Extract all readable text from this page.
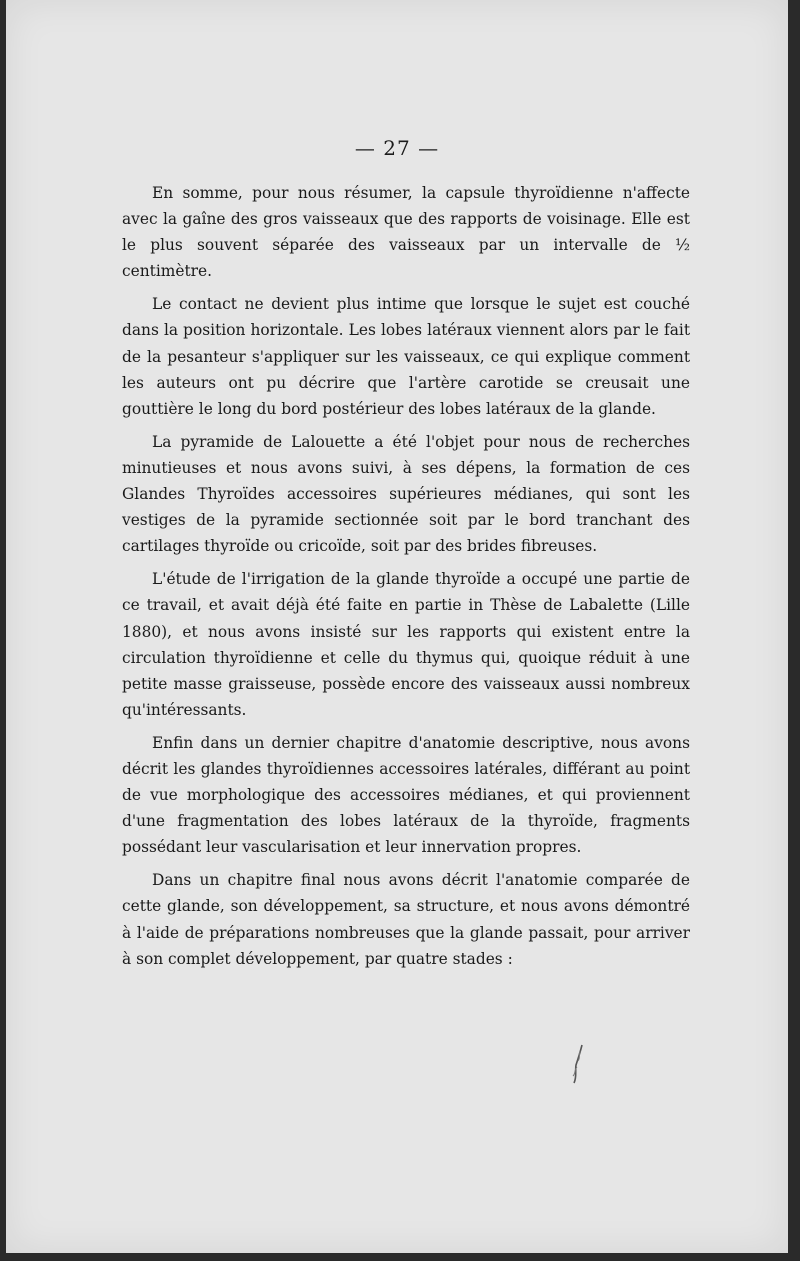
— 27 —

En somme, pour nous résumer, la capsule thyroïdienne n'affecte avec la gaîne des gros vaisseaux que des rapports de voisinage. Elle est le plus souvent séparée des vaisseaux par un intervalle de ½ centimètre.

Le contact ne devient plus intime que lorsque le sujet est couché dans la position horizontale. Les lobes latéraux viennent alors par le fait de la pesanteur s'appliquer sur les vaisseaux, ce qui explique comment les auteurs ont pu décrire que l'artère carotide se creusait une gouttière le long du bord postérieur des lobes latéraux de la glande.

La pyramide de Lalouette a été l'objet pour nous de recherches minutieuses et nous avons suivi, à ses dépens, la formation de ces Glandes Thyroïdes accessoires supérieures médianes, qui sont les vestiges de la pyramide sectionnée soit par le bord tranchant des cartilages thyroïde ou cricoïde, soit par des brides fibreuses.

L'étude de l'irrigation de la glande thyroïde a occupé une partie de ce travail, et avait déjà été faite en partie in Thèse de Labalette (Lille 1880), et nous avons insisté sur les rapports qui existent entre la circulation thyroïdienne et celle du thymus qui, quoique réduit à une petite masse graisseuse, possède encore des vaisseaux aussi nombreux qu'intéressants.

Enfin dans un dernier chapitre d'anatomie descriptive, nous avons décrit les glandes thyroïdiennes accessoires latérales, différant au point de vue morphologique des accessoires médianes, et qui proviennent d'une fragmentation des lobes latéraux de la thyroïde, fragments possédant leur vascularisation et leur innervation propres.

Dans un chapitre final nous avons décrit l'anatomie comparée de cette glande, son développement, sa structure, et nous avons démontré à l'aide de préparations nombreuses que la glande passait, pour arriver à son complet développement, par quatre stades :
